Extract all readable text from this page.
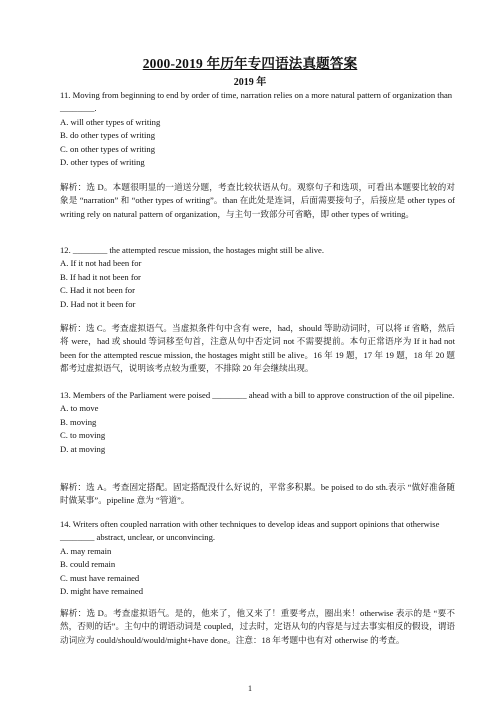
2000-2019 年历年专四语法真题答案
2019 年

11. Moving from beginning to end by order of time, narration relies on a more natural pattern of organization than ________.

A. will other types of writing

B. do other types of writing

C. on other types of writing

D. other types of writing

解析：选 D。本题很明显的一道送分题，考查比较状语从句。观察句子和选项，可看出本题要比较的对象是 “narration” 和 “other types of writing”。than 在此处是连词，后面需要接句子，后接应是 other types of writing rely on natural pattern of organization，与主句一致部分可省略，即 other types of writing。

12. ________ the attempted rescue mission, the hostages might still be alive.

A. If it not had been for

B. If had it not been for

C. Had it not been for

D. Had not it been for

解析：选 C。考查虚拟语气。当虚拟条件句中含有 were，had，should 等助动词时，可以将 if 省略，然后将 were，had 或 should 等词移至句首，注意从句中否定词 not 不需要提前。本句正常语序为 If it had not been for the attempted rescue mission, the hostages might still be alive。16 年 19 题，17 年 19 题，18 年 20 题都考过虚拟语气，说明该考点较为重要，不排除 20 年会继续出现。

13. Members of the Parliament were poised ________ ahead with a bill to approve construction of the oil pipeline.

A. to move

B. moving

C. to moving

D. at moving

解析：选 A。考查固定搭配。固定搭配没什么好说的，平常多积累。be poised to do sth.表示 “做好准备随时做某事”。pipeline 意为 “管道”。

14. Writers often coupled narration with other techniques to develop ideas and support opinions that otherwise ________ abstract, unclear, or unconvincing.

A. may remain

B. could remain

C. must have remained

D. might have remained

解析：选 D。考查虚拟语气。是的，他来了，他又来了！重要考点，圈出来！otherwise 表示的是 “要不然，否则的话”。主句中的谓语动词是 coupled，过去时，定语从句的内容是与过去事实相反的假设，谓语动词应为 could/should/would/might+have done。注意：18 年考题中也有对 otherwise 的考查。
1
